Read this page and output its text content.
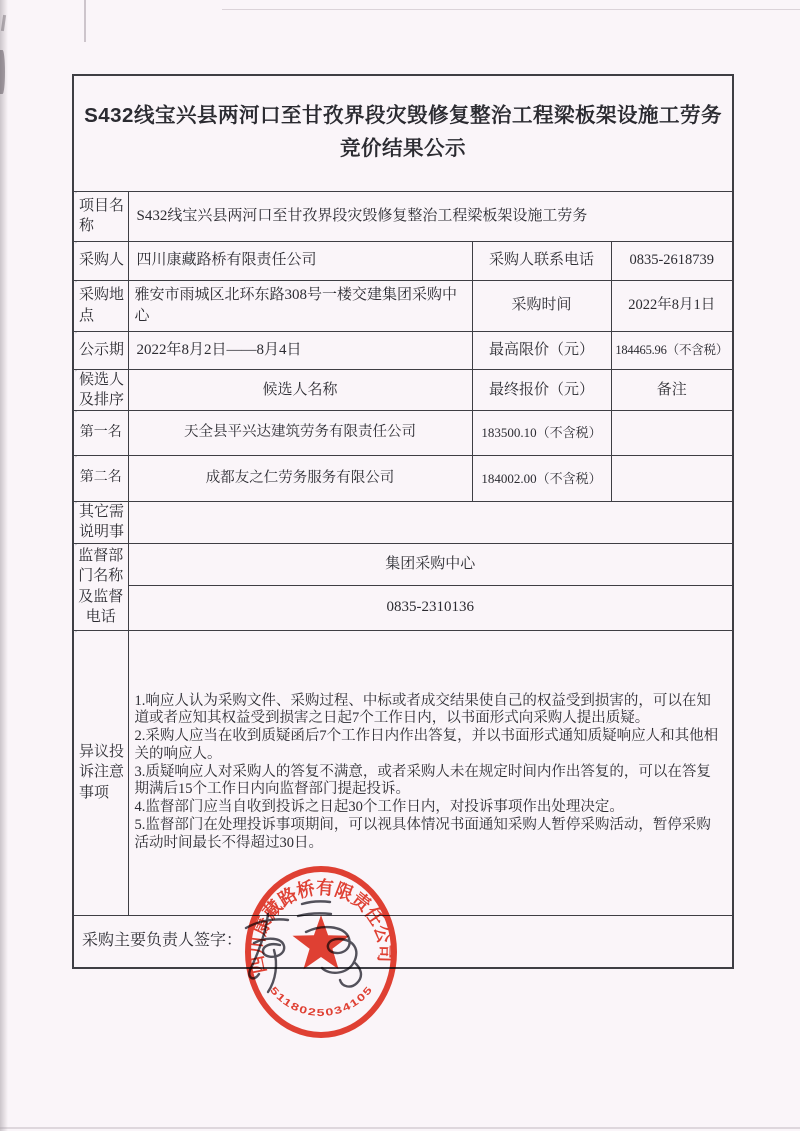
S432线宝兴县两河口至甘孜界段灾毁修复整治工程梁板架设施工劳务
竞价结果公示			

项目名称	S432线宝兴县两河口至甘孜界段灾毁修复整治工程梁板架设施工劳务		
采购人	四川康藏路桥有限责任公司	采购人联系电话	0835-2618739
采购地点	雅安市雨城区北环东路308号一楼交建集团采购中心	采购时间	2022年8月1日
公示期	2022年8月2日——8月4日	最高限价（元）	184465.96（不含税）
候选人及排序	候选人名称	最终报价（元）	备注
第一名	天全县平兴达建筑劳务有限责任公司	183500.10（不含税）	
第二名	成都友之仁劳务服务有限公司	184002.00（不含税）	
其它需说明事			
监督部门名称及监督电话	集团采购中心		
	0835-2310136		
异议投诉注意事项	1.响应人认为采购文件、采购过程、中标或者成交结果使自己的权益受到损害的，可以在知道或者应知其权益受到损害之日起7个工作日内，以书面形式向采购人提出质疑。

2.采购人应当在收到质疑函后7个工作日内作出答复，并以书面形式通知质疑响应人和其他相关的响应人。

3.质疑响应人对采购人的答复不满意，或者采购人未在规定时间内作出答复的，可以在答复期满后15个工作日内向监督部门提起投诉。

4.监督部门应当自收到投诉之日起30个工作日内，对投诉事项作出处理决定。

5.监督部门在处理投诉事项期间，可以视具体情况书面通知采购人暂停采购活动，暂停采购活动时间最长不得超过30日。		

采购主要负责人签字：			
四川康藏路桥有限责任公司
5118025034105
